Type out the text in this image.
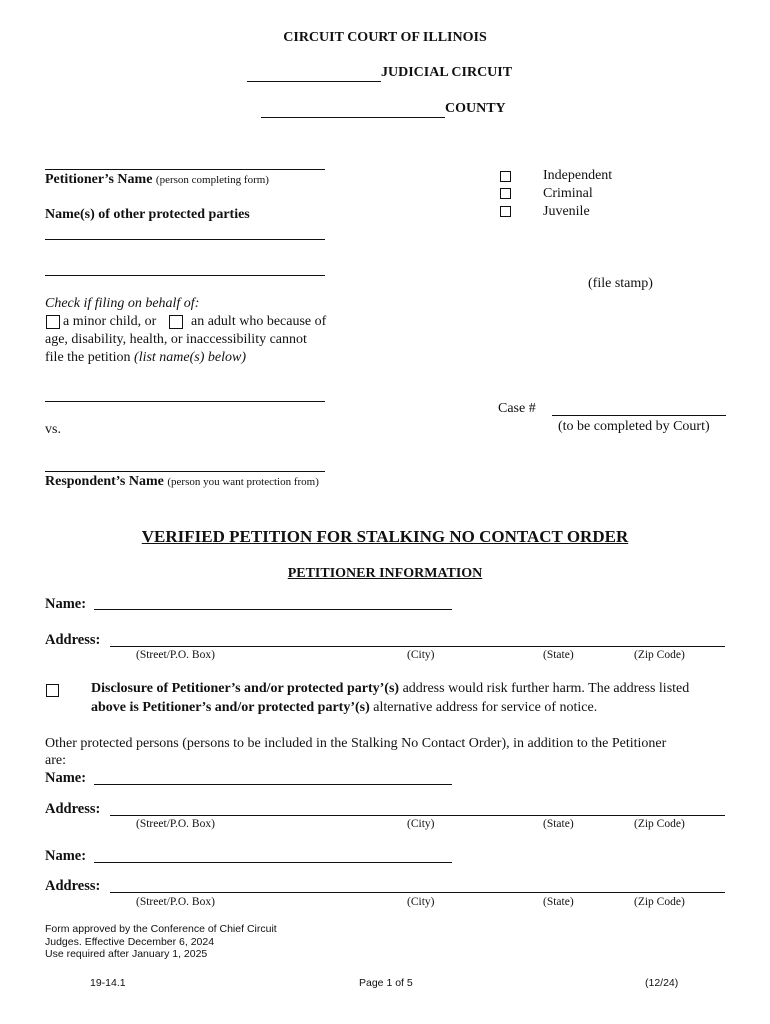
CIRCUIT COURT OF ILLINOIS
JUDICIAL CIRCUIT
COUNTY
Petitioner’s Name (person completing form)
Name(s) of other protected parties
Check if filing on behalf of:
a minor child, or an adult who because of
age, disability, health, or inaccessibility cannot
file the petition (list name(s) below)
vs.
Respondent’s Name (person you want protection from)
Independent
Criminal
Juvenile
(file stamp)
Case #
(to be completed by Court)
VERIFIED PETITION FOR STALKING NO CONTACT ORDER
PETITIONER INFORMATION
Name:
Address:
(Street/P.O. Box)	(City)	(State)	(Zip Code)
Disclosure of Petitioner’s and/or protected party’(s) address would risk further harm. The address listed
above is Petitioner’s and/or protected party’(s) alternative address for service of notice.
Other protected persons (persons to be included in the Stalking No Contact Order), in addition to the Petitioner
are:
Name:
Address:
(Street/P.O. Box)	(City)	(State)	(Zip Code)
Name:
Address:
(Street/P.O. Box)	(City)	(State)	(Zip Code)
Form approved by the Conference of Chief Circuit
Judges. Effective December 6, 2024
Use required after January 1, 2025
19-14.1	Page 1 of 5	(12/24)
